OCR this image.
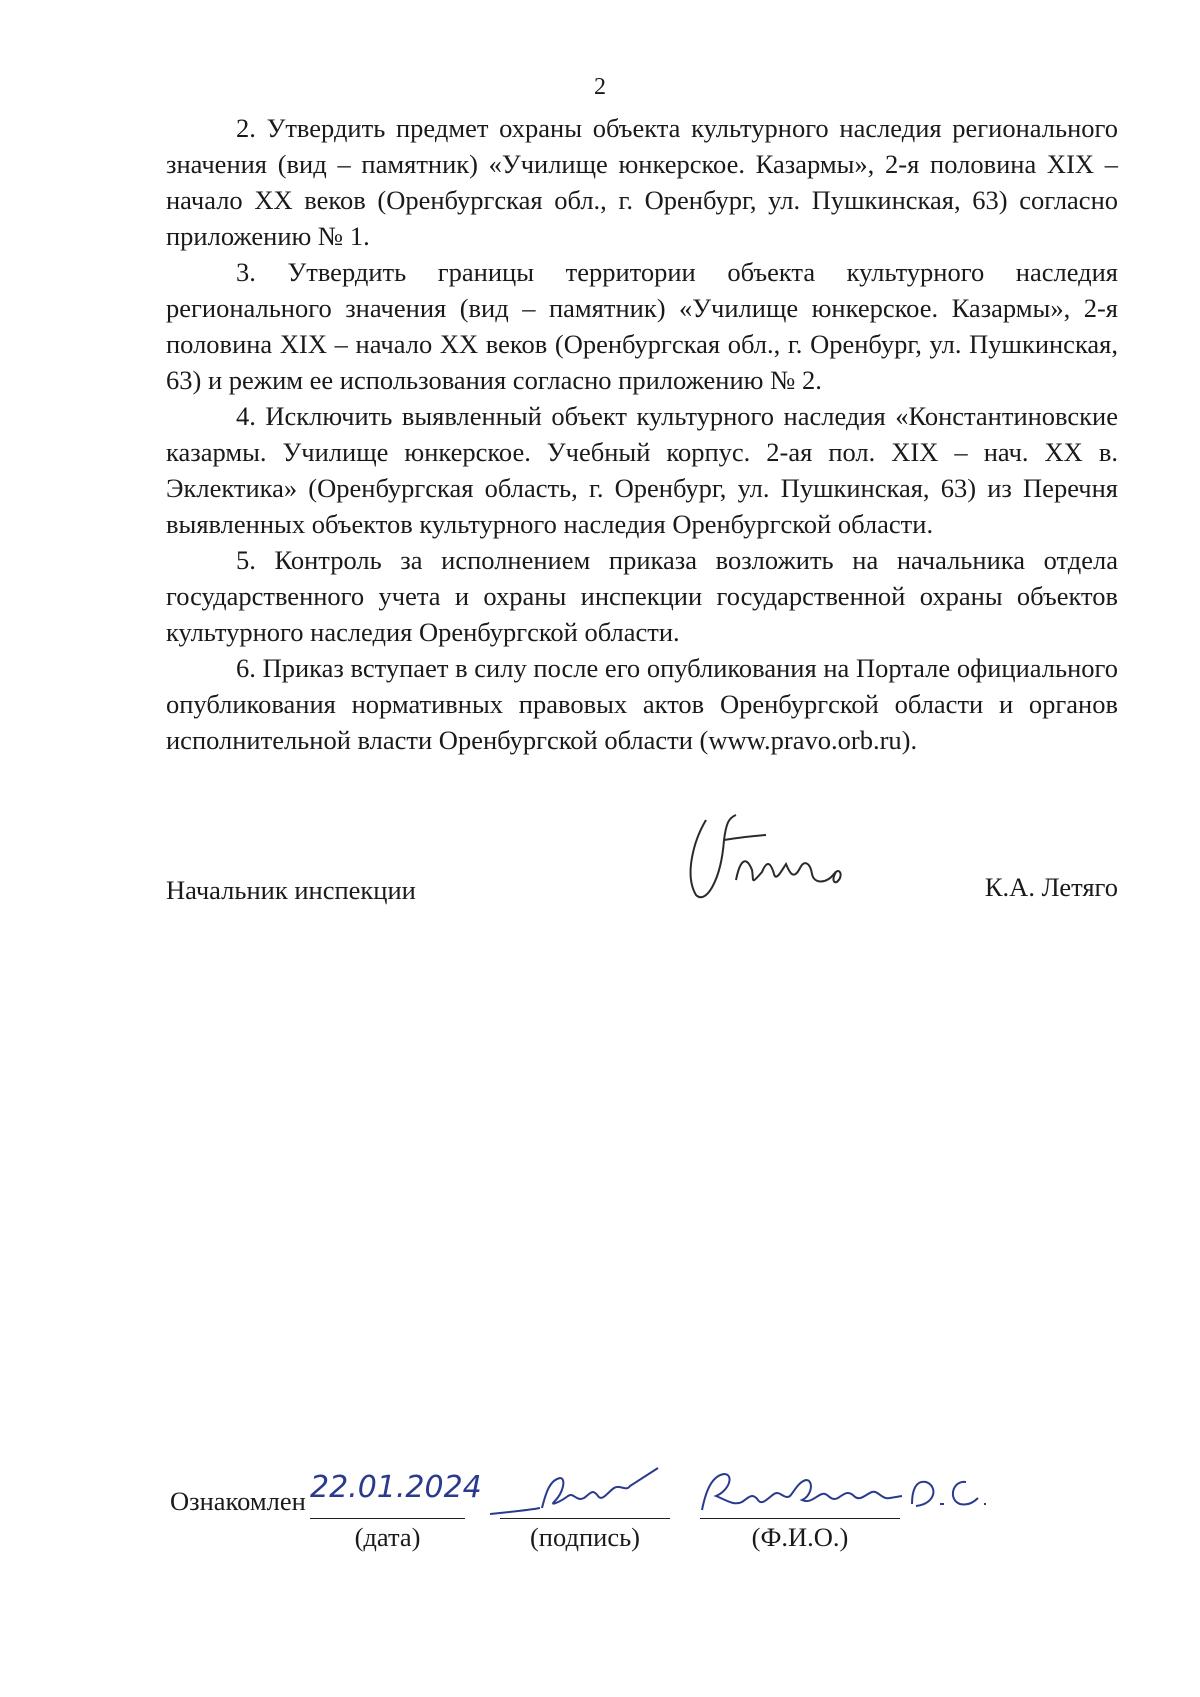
2

2. Утвердить предмет охраны объекта культурного наследия регионального значения (вид – памятник) «Училище юнкерское. Казармы», 2-я половина XIX – начало XX веков (Оренбургская обл., г. Оренбург, ул. Пушкинская, 63) согласно приложению № 1.

3. Утвердить границы территории объекта культурного наследия регионального значения (вид – памятник) «Училище юнкерское. Казармы», 2-я половина XIX – начало XX веков (Оренбургская обл., г. Оренбург, ул. Пушкинская, 63) и режим ее использования согласно приложению № 2.

4. Исключить выявленный объект культурного наследия «Константиновские казармы. Училище юнкерское. Учебный корпус. 2-ая пол. XIX – нач. XX в. Эклектика» (Оренбургская область, г. Оренбург, ул. Пушкинская, 63) из Перечня выявленных объектов культурного наследия Оренбургской области.

5. Контроль за исполнением приказа возложить на начальника отдела государственного учета и охраны инспекции государственной охраны объектов культурного наследия Оренбургской области.

6. Приказ вступает в силу после его опубликования на Портале официального опубликования нормативных правовых актов Оренбургской области и органов исполнительной власти Оренбургской области (www.pravo.orb.ru).

Начальник инспекции	К.А. Летяго
Ознакомлен 22.01.2024
(дата)	(подпись)	(Ф.И.О.)
